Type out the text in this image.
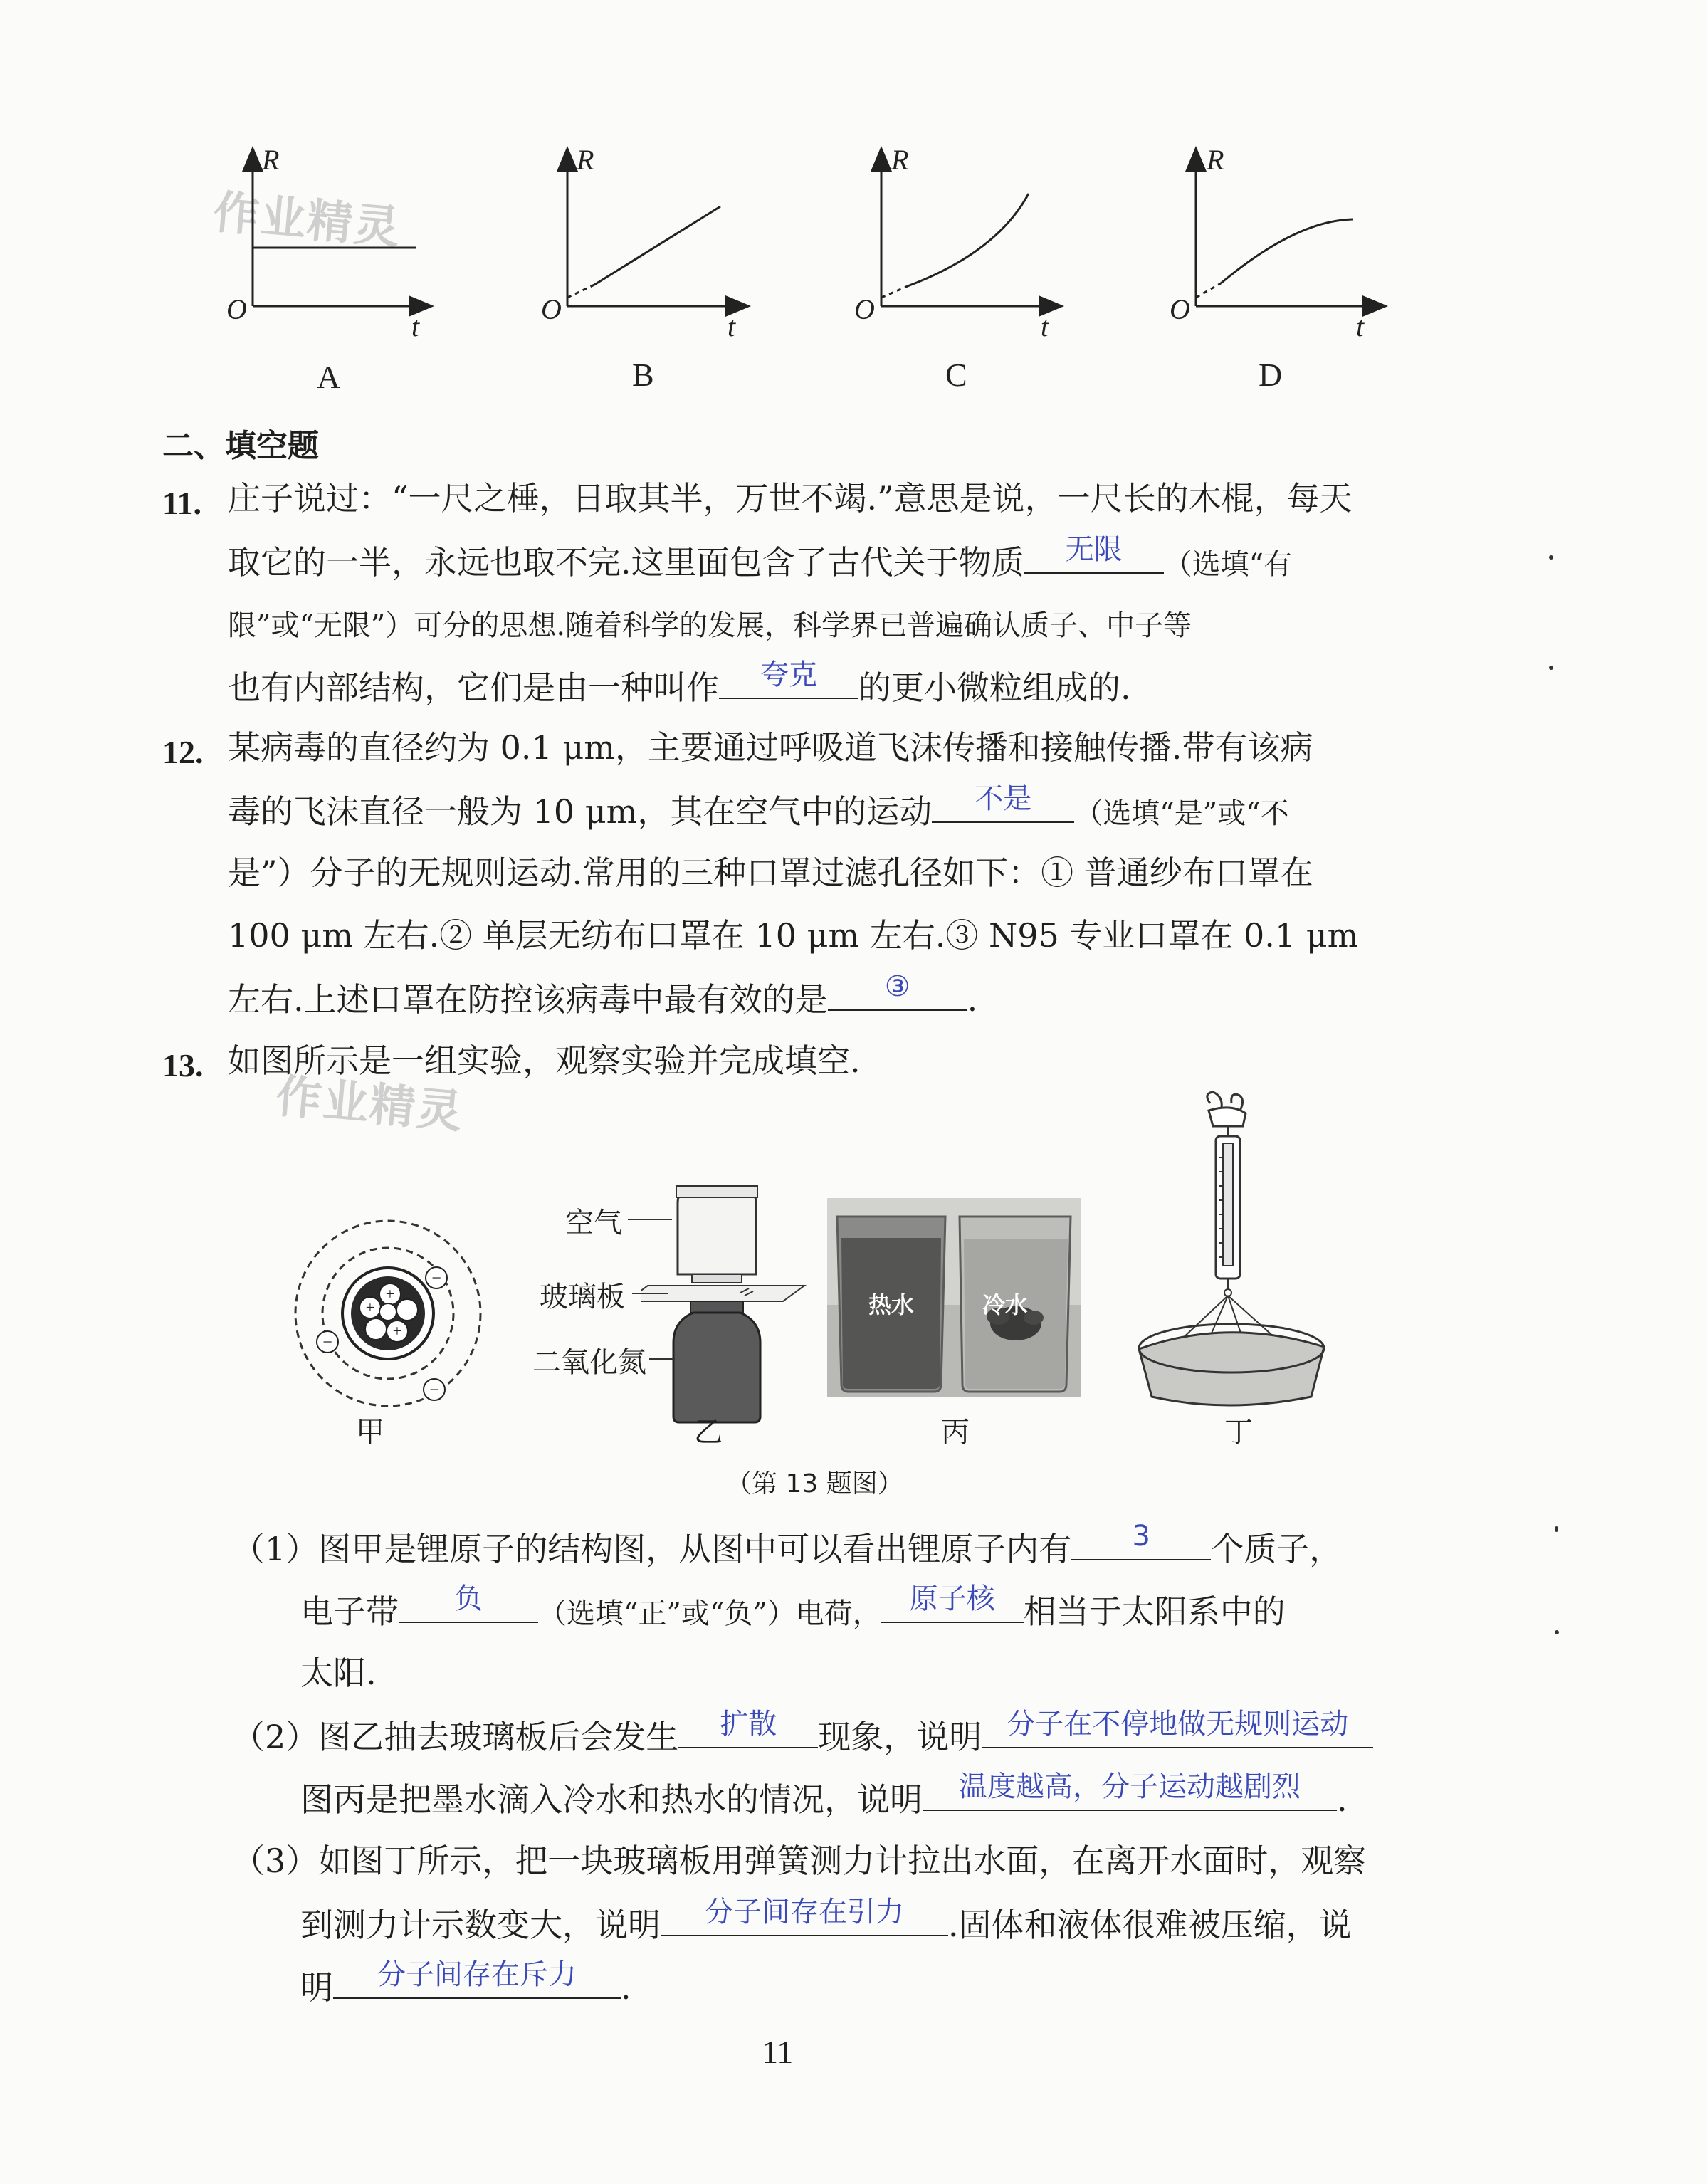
作业精灵
作业精灵
R
O
t
R
O
t
R
O
t
R
O
t
A	B	C	D
二、填空题
11. 庄子说过：“一尺之棰，日取其半，万世不竭.”意思是说，一尺长的木棍，每天
取它的一半，永远也取不完.这里面包含了古代关于物质	无限	（选填“有
限”或“无限”）可分的思想.随着科学的发展，科学界已普遍确认质子、中子等
也有内部结构，它们是由一种叫作	夸克	的更小微粒组成的.
12. 某病毒的直径约为 0.1 μm，主要通过呼吸道飞沫传播和接触传播.带有该病
毒的飞沫直径一般为 10 μm，其在空气中的运动	不是	（选填“是”或“不
是”）分子的无规则运动.常用的三种口罩过滤孔径如下：① 普通纱布口罩在
100 μm 左右.② 单层无纺布口罩在 10 μm 左右.③ N95 专业口罩在 0.1 μm
左右.上述口罩在防控该病毒中最有效的是	③	.
13. 如图所示是一组实验，观察实验并完成填空.
+
+
+
−
−
−
空气
玻璃板
二氧化氮
热水	冷水
甲	乙	丙	丁
（第 13 题图）
（1）图甲是锂原子的结构图，从图中可以看出锂原子内有	3	个质子，
电子带	负	（选填“正”或“负”）电荷，	原子核 相当于太阳系中的
太阳.
（2）图乙抽去玻璃板后会发生	扩散	现象，说明 分子在不停地做无规则运动
图丙是把墨水滴入冷水和热水的情况，说明	温度越高，分子运动越剧烈	.
（3）如图丁所示，把一块玻璃板用弹簧测力计拉出水面，在离开水面时，观察
到测力计示数变大，说明	分子间存在引力	.固体和液体很难被压缩，说
明	分子间存在斥力	.
11
